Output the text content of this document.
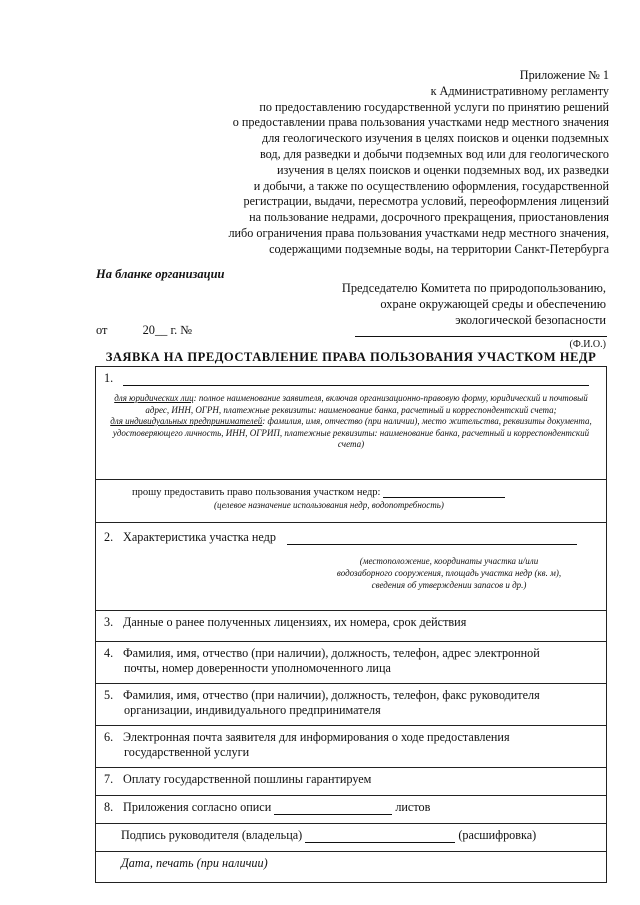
Приложение № 1
к Административному регламенту
по предоставлению государственной услуги по принятию решений
о предоставлении права пользования участками недр местного значения
для геологического изучения в целях поисков и оценки подземных
вод, для разведки и добычи подземных вод или для геологического
изучения в целях поисков и оценки подземных вод, их разведки
и добычи, а также по осуществлению оформления, государственной
регистрации, выдачи, пересмотра условий, переоформления лицензий
на пользование недрами, досрочного прекращения, приостановления
либо ограничения права пользования участками недр местного значения,
содержащими подземные воды, на территории Санкт-Петербурга
На бланке организации
Председателю Комитета по природопользованию,
охране окружающей среды и обеспечению
экологической безопасности
от	20__ г. №
(Ф.И.О.)
ЗАЯВКА НА ПРЕДОСТАВЛЕНИЕ ПРАВА ПОЛЬЗОВАНИЯ УЧАСТКОМ НЕДР
1.
для юридических лиц: полное наименование заявителя, включая организационно-правовую форму, юридический и почтовый адрес, ИНН, ОГРН, платежные реквизиты: наименование банка, расчетный и корреспондентский счета;
для индивидуальных предпринимателей: фамилия, имя, отчество (при наличии), место жительства, реквизиты документа, удостоверяющего личность, ИНН, ОГРИП, платежные реквизиты: наименование банка, расчетный и корреспондентский счета)

прошу предоставить право пользования участком недр:
(целевое назначение использования недр, водопотребность)

2. Характеристика участка недр
(местоположение, координаты участка и/или
водозаборного сооружения, площадь участка недр (кв. м),
сведения об утверждении запасов и др.)

3. Данные о ранее полученных лицензиях, их номера, срок действия

4. Фамилия, имя, отчество (при наличии), должность, телефон, адрес электронной
почты, номер доверенности уполномоченного лица

5. Фамилия, имя, отчество (при наличии), должность, телефон, факс руководителя
организации, индивидуального предпринимателя

6. Электронная почта заявителя для информирования о ходе предоставления
государственной услуги

7. Оплату государственной пошлины гарантируем
8. Приложения согласно описи	листов
Подпись руководителя (владельца)	(расшифровка)
Дата, печать (при наличии)
